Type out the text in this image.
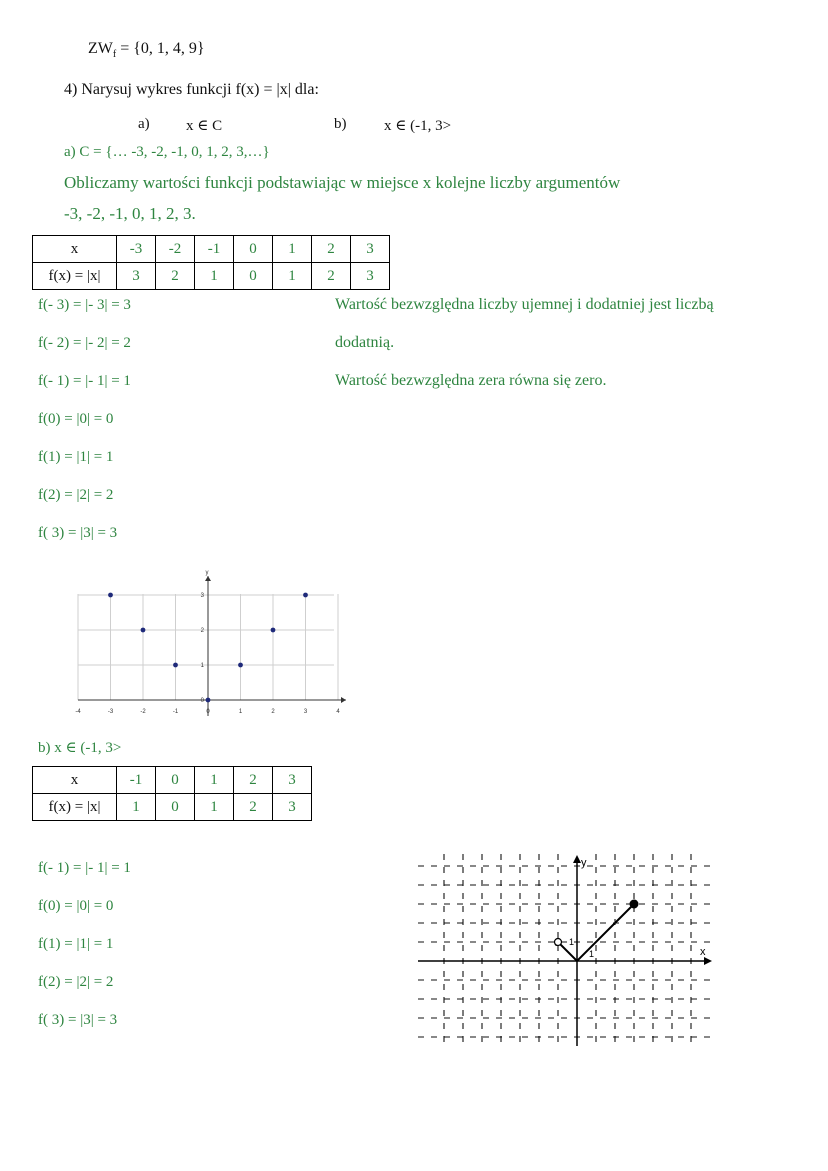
$ZW_f = \{0$, 1, 4, 9}
4) Narysuj wykres funkcji f(x) = |x| dla:
a) x ∈ C	b)	x ∈ (-1, 3>
a) C = {… -3, -2, -1, 0, 1, 2, 3,…}
Obliczamy wartości funkcji podstawiając w miejsce x kolejne liczby argumentów
-3, -2, -1, 0, 1, 2, 3.
x	-3	-2	-1	0	1	2	3
f(x) = |x|	3	2	1	0	1	2	3
f(- 3) = |- 3| = 3
f(- 2) = |- 2| = 2
f(- 1) = |- 1| = 1
f(0) = |0| = 0
f(1) = |1| = 1
f(2) = |2| = 2
f( 3) = |3| = 3
Wartość bezwzględna liczby ujemnej i dodatniej jest liczbą
dodatnią.
Wartość bezwzględna zera równa się zero.
y
-4	-3	-2	-1	0	1	2	3	4
0
1
2
3
b) x ∈ (-1, 3>
x	-1	0	1	2	3
f(x) = |x|	1	0	1	2	3
f(- 1) = |- 1| = 1
f(0) = |0| = 0
f(1) = |1| = 1
f(2) = |2| = 2
f( 3) = |3| = 3
x
y
1
1
